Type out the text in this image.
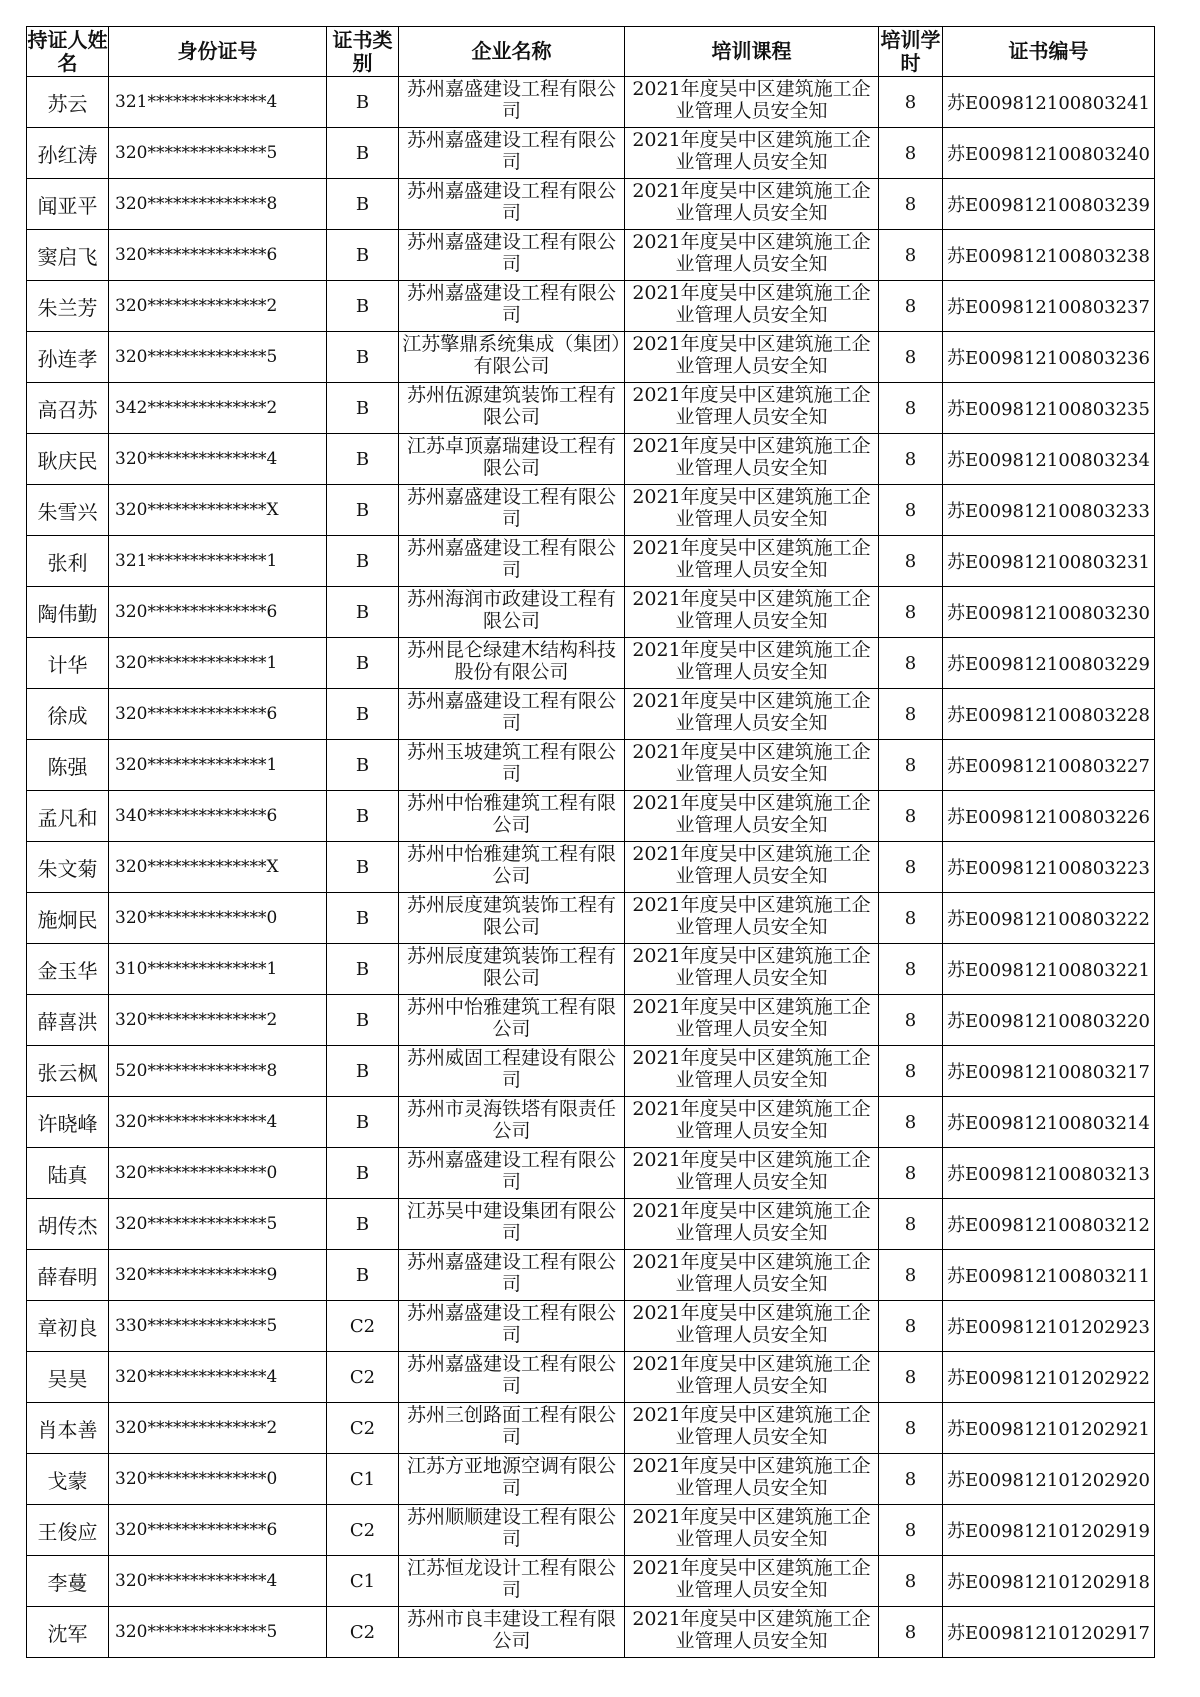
持证人姓名	身份证号	证书类别	企业名称	培训课程	培训学时	证书编号
苏云	321**************4	B	苏州嘉盛建设工程有限公司	2021年度吴中区建筑施工企业管理人员安全知	8	苏E009812100803241
孙红涛	320**************5	B	苏州嘉盛建设工程有限公司	2021年度吴中区建筑施工企业管理人员安全知	8	苏E009812100803240
闻亚平	320**************8	B	苏州嘉盛建设工程有限公司	2021年度吴中区建筑施工企业管理人员安全知	8	苏E009812100803239
窦启飞	320**************6	B	苏州嘉盛建设工程有限公司	2021年度吴中区建筑施工企业管理人员安全知	8	苏E009812100803238
朱兰芳	320**************2	B	苏州嘉盛建设工程有限公司	2021年度吴中区建筑施工企业管理人员安全知	8	苏E009812100803237
孙连孝	320**************5	B	江苏擎鼎系统集成（集团）有限公司	2021年度吴中区建筑施工企业管理人员安全知	8	苏E009812100803236
高召苏	342**************2	B	苏州伍源建筑装饰工程有限公司	2021年度吴中区建筑施工企业管理人员安全知	8	苏E009812100803235
耿庆民	320**************4	B	江苏卓顶嘉瑞建设工程有限公司	2021年度吴中区建筑施工企业管理人员安全知	8	苏E009812100803234
朱雪兴	320**************X	B	苏州嘉盛建设工程有限公司	2021年度吴中区建筑施工企业管理人员安全知	8	苏E009812100803233
张利	321**************1	B	苏州嘉盛建设工程有限公司	2021年度吴中区建筑施工企业管理人员安全知	8	苏E009812100803231
陶伟勤	320**************6	B	苏州海润市政建设工程有限公司	2021年度吴中区建筑施工企业管理人员安全知	8	苏E009812100803230
计华	320**************1	B	苏州昆仑绿建木结构科技股份有限公司	2021年度吴中区建筑施工企业管理人员安全知	8	苏E009812100803229
徐成	320**************6	B	苏州嘉盛建设工程有限公司	2021年度吴中区建筑施工企业管理人员安全知	8	苏E009812100803228
陈强	320**************1	B	苏州玉坡建筑工程有限公司	2021年度吴中区建筑施工企业管理人员安全知	8	苏E009812100803227
孟凡和	340**************6	B	苏州中怡雅建筑工程有限公司	2021年度吴中区建筑施工企业管理人员安全知	8	苏E009812100803226
朱文菊	320**************X	B	苏州中怡雅建筑工程有限公司	2021年度吴中区建筑施工企业管理人员安全知	8	苏E009812100803223
施炯民	320**************0	B	苏州辰度建筑装饰工程有限公司	2021年度吴中区建筑施工企业管理人员安全知	8	苏E009812100803222
金玉华	310**************1	B	苏州辰度建筑装饰工程有限公司	2021年度吴中区建筑施工企业管理人员安全知	8	苏E009812100803221
薛喜洪	320**************2	B	苏州中怡雅建筑工程有限公司	2021年度吴中区建筑施工企业管理人员安全知	8	苏E009812100803220
张云枫	520**************8	B	苏州威固工程建设有限公司	2021年度吴中区建筑施工企业管理人员安全知	8	苏E009812100803217
许晓峰	320**************4	B	苏州市灵海铁塔有限责任公司	2021年度吴中区建筑施工企业管理人员安全知	8	苏E009812100803214
陆真	320**************0	B	苏州嘉盛建设工程有限公司	2021年度吴中区建筑施工企业管理人员安全知	8	苏E009812100803213
胡传杰	320**************5	B	江苏吴中建设集团有限公司	2021年度吴中区建筑施工企业管理人员安全知	8	苏E009812100803212
薛春明	320**************9	B	苏州嘉盛建设工程有限公司	2021年度吴中区建筑施工企业管理人员安全知	8	苏E009812100803211
章初良	330**************5	C2	苏州嘉盛建设工程有限公司	2021年度吴中区建筑施工企业管理人员安全知	8	苏E009812101202923
吴昊	320**************4	C2	苏州嘉盛建设工程有限公司	2021年度吴中区建筑施工企业管理人员安全知	8	苏E009812101202922
肖本善	320**************2	C2	苏州三创路面工程有限公司	2021年度吴中区建筑施工企业管理人员安全知	8	苏E009812101202921
戈蒙	320**************0	C1	江苏方亚地源空调有限公司	2021年度吴中区建筑施工企业管理人员安全知	8	苏E009812101202920
王俊应	320**************6	C2	苏州顺顺建设工程有限公司	2021年度吴中区建筑施工企业管理人员安全知	8	苏E009812101202919
李蔓	320**************4	C1	江苏恒龙设计工程有限公司	2021年度吴中区建筑施工企业管理人员安全知	8	苏E009812101202918
沈军	320**************5	C2	苏州市良丰建设工程有限公司	2021年度吴中区建筑施工企业管理人员安全知	8	苏E009812101202917
